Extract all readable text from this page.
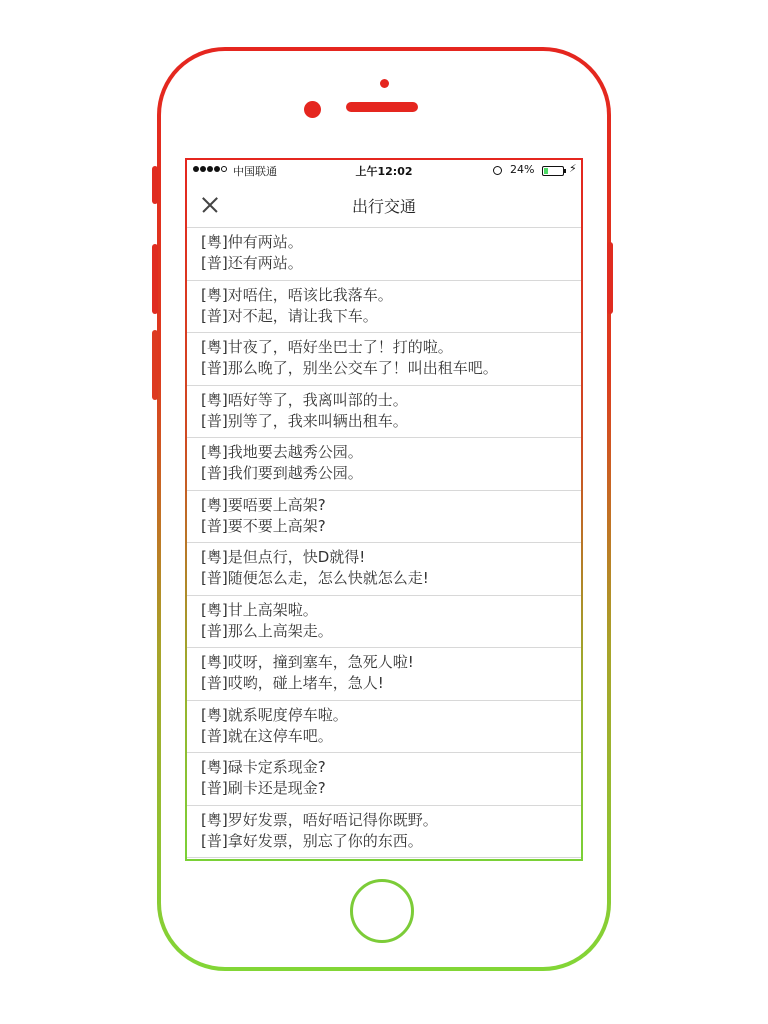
中国联通	上午12:02	24%	⚡
出行交通
[粤]仲有两站。
[普]还有两站。
[粤]对唔住，唔该比我落车。
[普]对不起，请让我下车。
[粤]甘夜了，唔好坐巴士了！打的啦。
[普]那么晚了，别坐公交车了！叫出租车吧。
[粤]唔好等了，我离叫部的士。
[普]别等了，我来叫辆出租车。
[粤]我地要去越秀公园。
[普]我们要到越秀公园。
[粤]要唔要上高架?
[普]要不要上高架?
[粤]是但点行，快D就得!
[普]随便怎么走，怎么快就怎么走!
[粤]甘上高架啦。
[普]那么上高架走。
[粤]哎呀，撞到塞车，急死人啦!
[普]哎哟，碰上堵车，急人!
[粤]就系呢度停车啦。
[普]就在这停车吧。
[粤]碌卡定系现金?
[普]刷卡还是现金?
[粤]罗好发票，唔好唔记得你既野。
[普]拿好发票，别忘了你的东西。
